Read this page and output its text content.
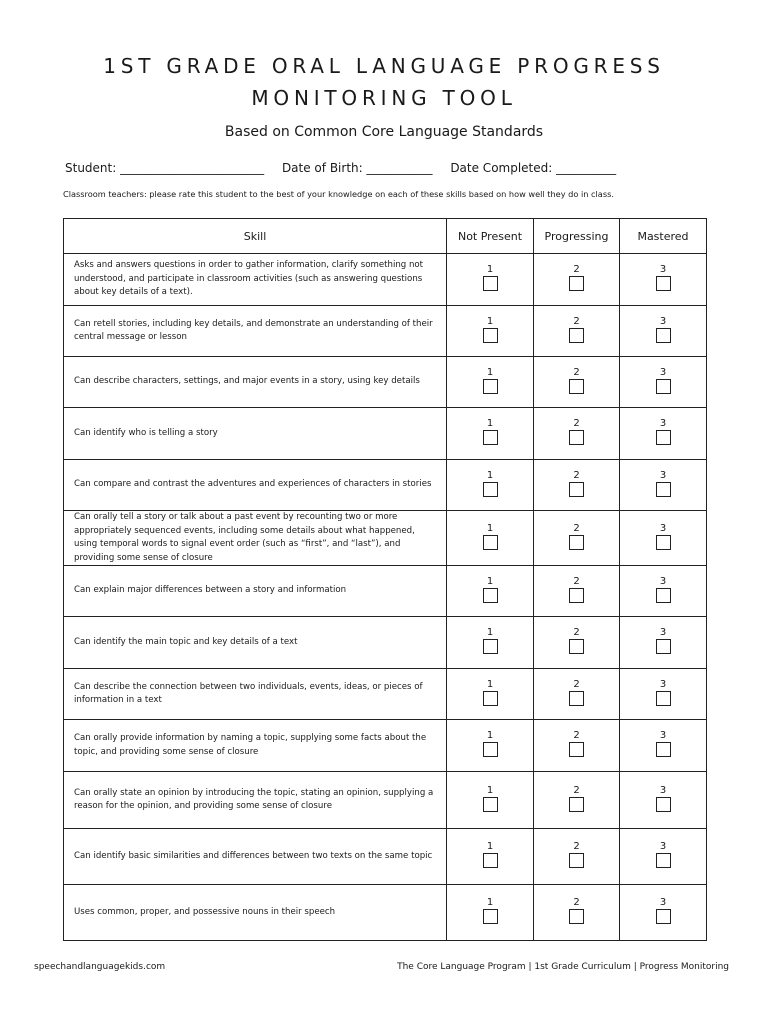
1ST GRADE ORAL LANGUAGE PROGRESS
MONITORING TOOL

Based on Common Core Language Standards

Student: ________________________ Date of Birth: ___________ Date Completed: __________
Classroom teachers: please rate this student to the best of your knowledge on each of these skills based on how well they do in class.
Skill	Not Present	Progressing	Mastered
Asks and answers questions in order to gather information, clarify something not understood, and participate in classroom activities (such as answering questions about key details of a text).	1	2	3

Can retell stories, including key details, and demonstrate an understanding of their central message or lesson	1	2	3

Can describe characters, settings, and major events in a story, using key details	1	2	3

Can identify who is telling a story	1	2	3

Can compare and contrast the adventures and experiences of characters in stories	1	2	3

Can orally tell a story or talk about a past event by recounting two or more appropriately sequenced events, including some details about what happened, using temporal words to signal event order (such as “first”, and “last”), and providing some sense of closure	1	2	3

Can explain major differences between a story and information	1	2	3

Can identify the main topic and key details of a text	1	2	3

Can describe the connection between two individuals, events, ideas, or pieces of information in a text	1	2	3

Can orally provide information by naming a topic, supplying some facts about the topic, and providing some sense of closure	1	2	3

Can orally state an opinion by introducing the topic, stating an opinion, supplying a reason for the opinion, and providing some sense of closure	1	2	3

Can identify basic similarities and differences between two texts on the same topic	1	2	3

Uses common, proper, and possessive nouns in their speech	1	2	3
speechandlanguagekids.com	The Core Language Program | 1st Grade Curriculum | Progress Monitoring
